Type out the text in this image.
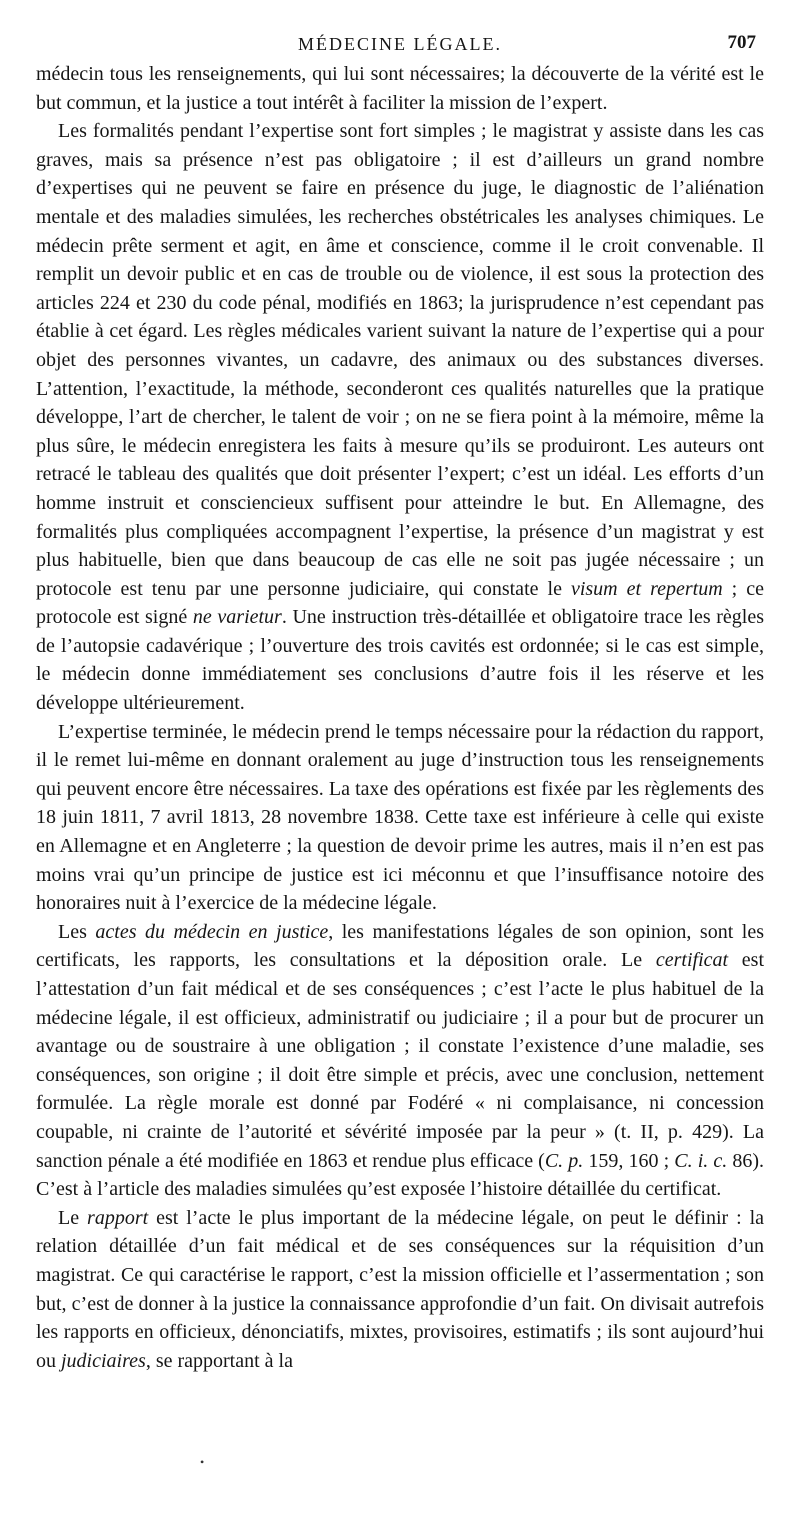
MÉDECINE LÉGALE.	707

médecin tous les renseignements, qui lui sont nécessaires; la découverte de la vérité est le but commun, et la justice a tout intérêt à faciliter la mission de l’expert.

Les formalités pendant l’expertise sont fort simples ; le magistrat y assiste dans les cas graves, mais sa présence n’est pas obligatoire ; il est d’ailleurs un grand nombre d’expertises qui ne peuvent se faire en présence du juge, le diagnostic de l’aliénation mentale et des maladies simulées, les recherches obstétricales les analyses chimiques. Le médecin prête serment et agit, en âme et conscience, comme il le croit convenable. Il remplit un devoir public et en cas de trouble ou de violence, il est sous la protection des articles 224 et 230 du code pénal, modifiés en 1863; la jurisprudence n’est cependant pas établie à cet égard. Les règles médicales varient suivant la nature de l’expertise qui a pour objet des personnes vivantes, un cadavre, des animaux ou des substances diverses. L’attention, l’exactitude, la méthode, seconderont ces qualités naturelles que la pratique développe, l’art de chercher, le talent de voir ; on ne se fiera point à la mémoire, même la plus sûre, le médecin enregistera les faits à mesure qu’ils se produiront. Les auteurs ont retracé le tableau des qualités que doit présenter l’expert; c’est un idéal. Les efforts d’un homme instruit et consciencieux suffisent pour atteindre le but. En Allemagne, des formalités plus compliquées accompagnent l’expertise, la présence d’un magistrat y est plus habituelle, bien que dans beaucoup de cas elle ne soit pas jugée nécessaire ; un protocole est tenu par une personne judiciaire, qui constate le visum et repertum ; ce protocole est signé ne varietur. Une instruction très-détaillée et obligatoire trace les règles de l’autopsie cadavérique ; l’ouverture des trois cavités est ordonnée; si le cas est simple, le médecin donne immédiatement ses conclusions d’autre fois il les réserve et les développe ultérieurement.

L’expertise terminée, le médecin prend le temps nécessaire pour la rédaction du rapport, il le remet lui-même en donnant oralement au juge d’instruction tous les renseignements qui peuvent encore être nécessaires. La taxe des opérations est fixée par les règlements des 18 juin 1811, 7 avril 1813, 28 novembre 1838. Cette taxe est inférieure à celle qui existe en Allemagne et en Angleterre ; la question de devoir prime les autres, mais il n’en est pas moins vrai qu’un principe de justice est ici méconnu et que l’insuffisance notoire des honoraires nuit à l’exercice de la médecine légale.

Les actes du médecin en justice, les manifestations légales de son opinion, sont les certificats, les rapports, les consultations et la déposition orale. Le certificat est l’attestation d’un fait médical et de ses conséquences ; c’est l’acte le plus habituel de la médecine légale, il est officieux, administratif ou judiciaire ; il a pour but de procurer un avantage ou de soustraire à une obligation ; il constate l’existence d’une maladie, ses conséquences, son origine ; il doit être simple et précis, avec une conclusion, nettement formulée. La règle morale est donné par Fodéré « ni complaisance, ni concession coupable, ni crainte de l’autorité et sévérité imposée par la peur » (t. II, p. 429). La sanction pénale a été modifiée en 1863 et rendue plus efficace (C. p. 159, 160 ; C. i. c. 86). C’est à l’article des maladies simulées qu’est exposée l’histoire détaillée du certificat.

Le rapport est l’acte le plus important de la médecine légale, on peut le définir : la relation détaillée d’un fait médical et de ses conséquences sur la réquisition d’un magistrat. Ce qui caractérise le rapport, c’est la mission officielle et l’assermentation ; son but, c’est de donner à la justice la connaissance approfondie d’un fait. On divisait autrefois les rapports en officieux, dénonciatifs, mixtes, provisoires, estimatifs ; ils sont aujourd’hui ou judiciaires, se rapportant à la

•
